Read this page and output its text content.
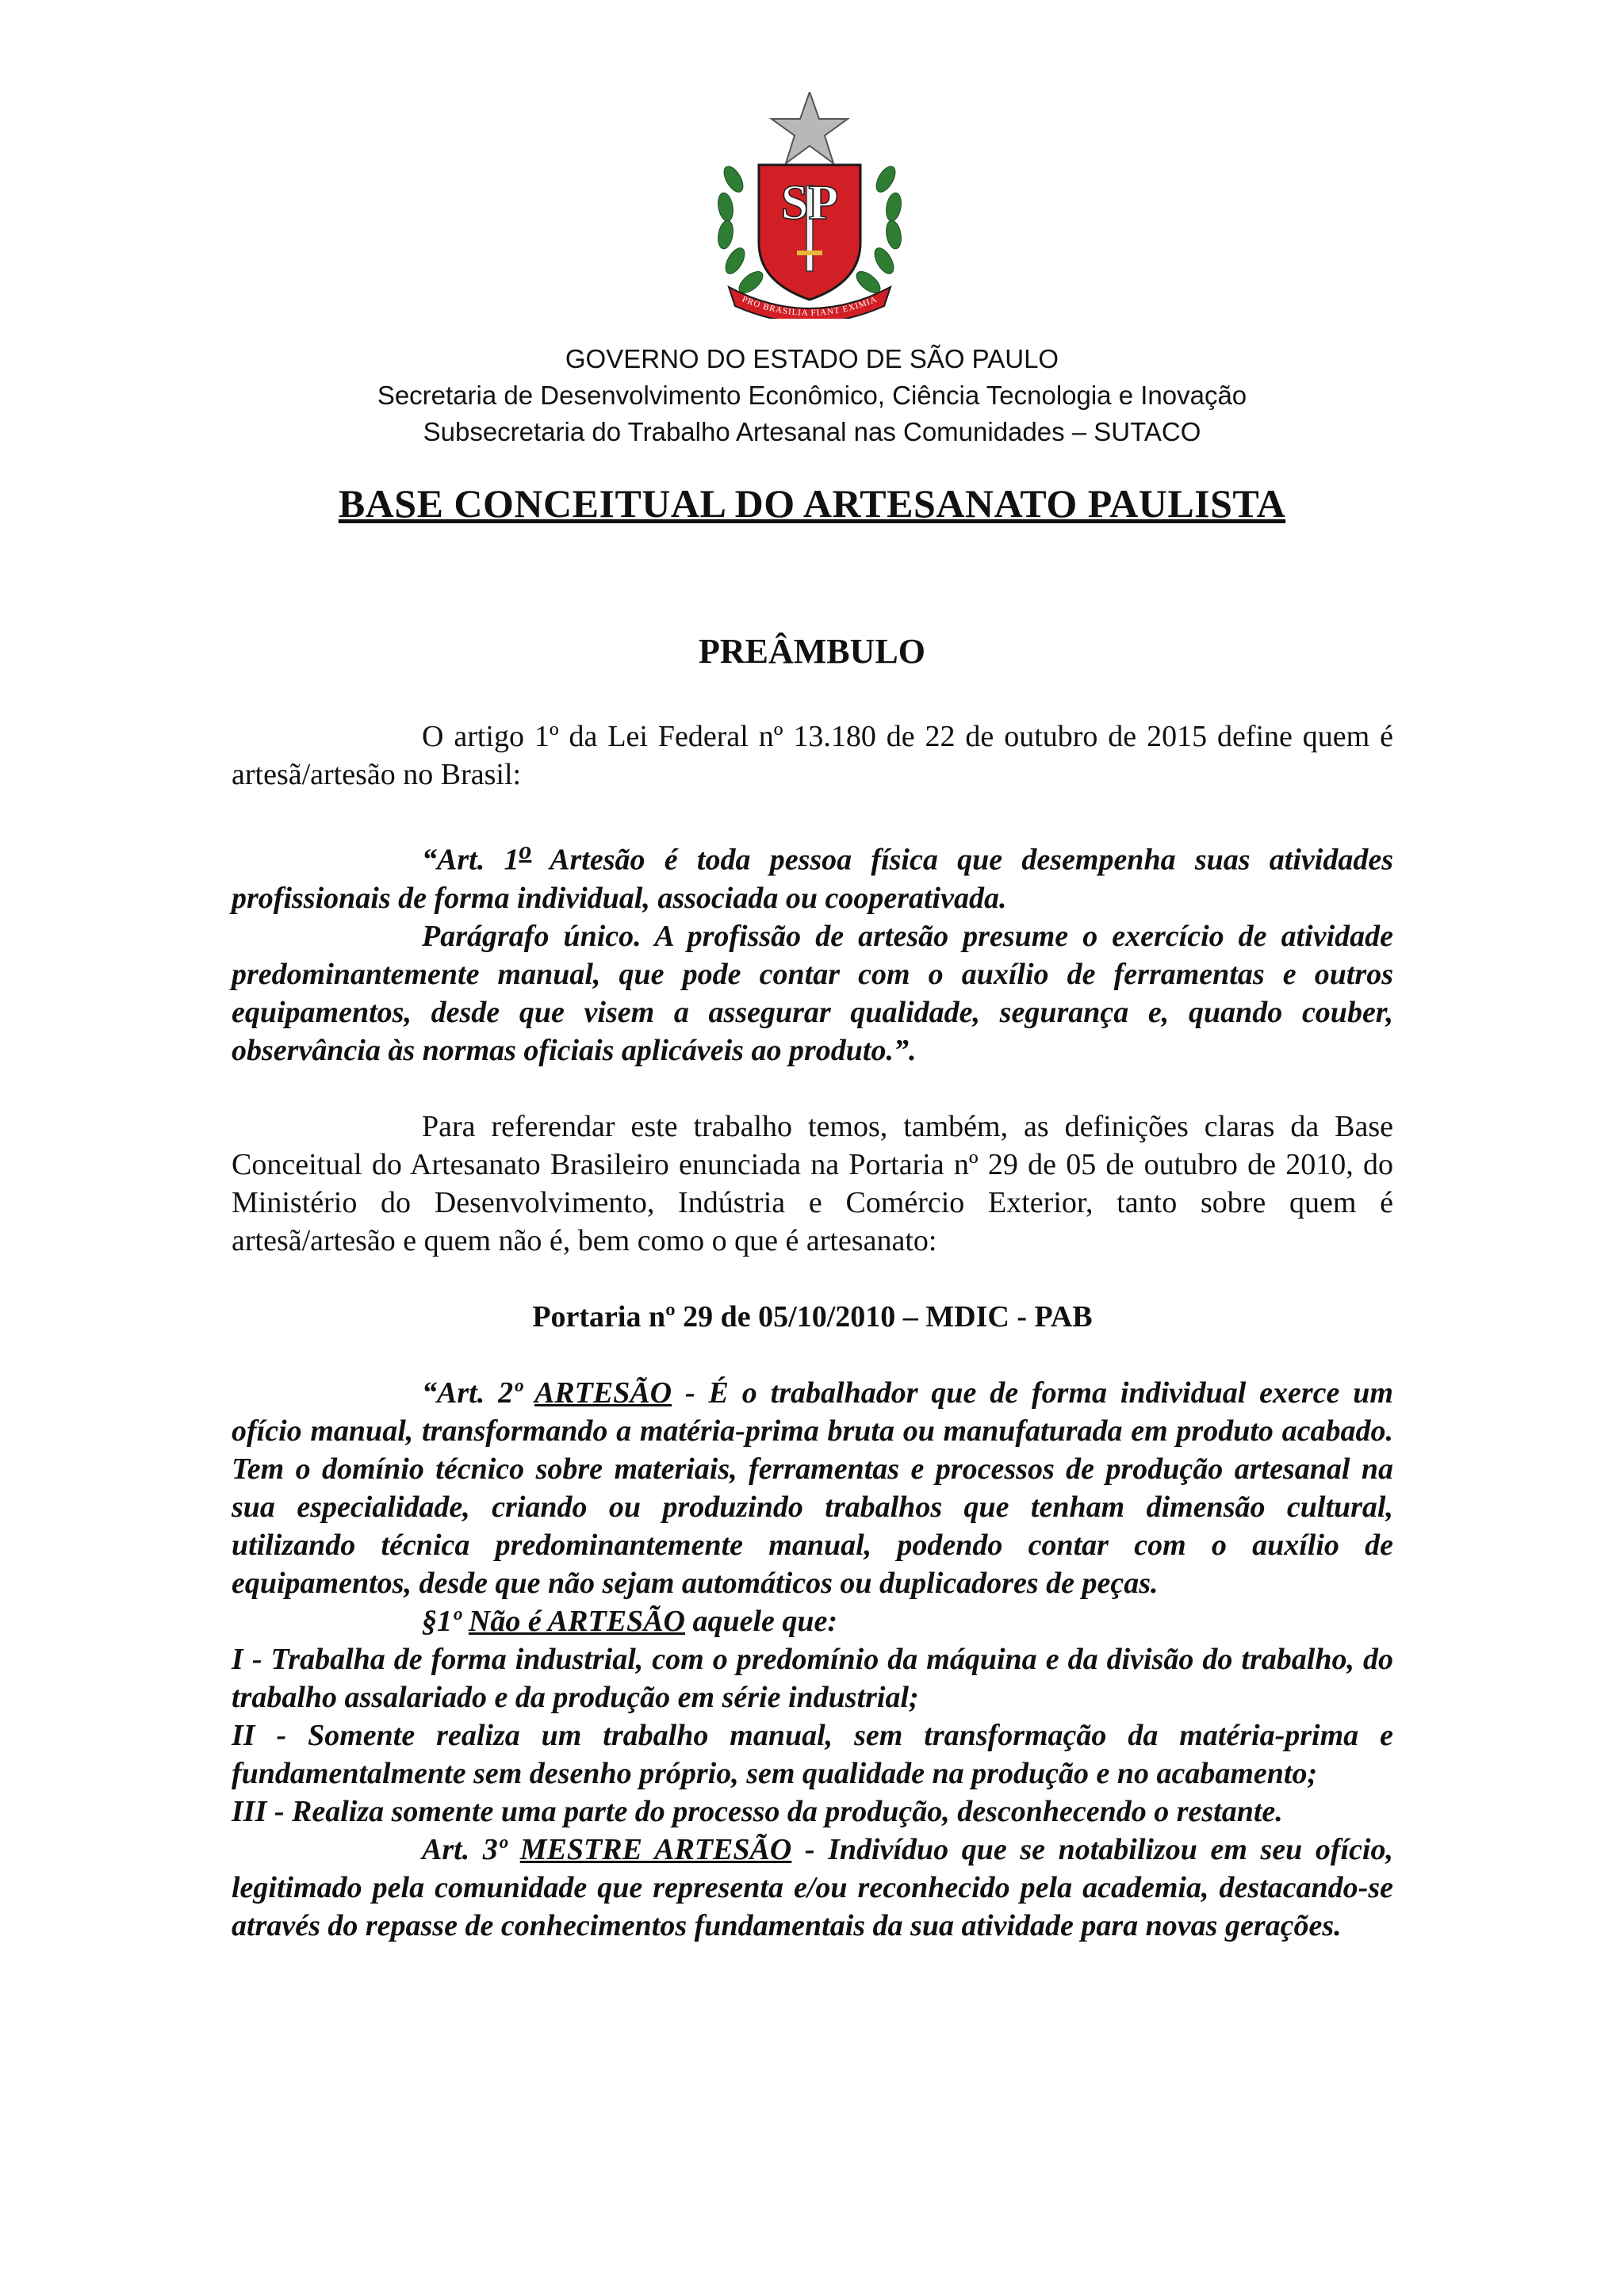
SP
PRO BRASILIA FIANT EXIMIA
GOVERNO DO ESTADO DE SÃO PAULO
Secretaria de Desenvolvimento Econômico, Ciência Tecnologia e Inovação
Subsecretaria do Trabalho Artesanal nas Comunidades – SUTACO
BASE CONCEITUAL DO ARTESANATO PAULISTA
PREÂMBULO

O artigo 1º da Lei Federal nº 13.180 de 22 de outubro de 2015 define quem é artesã/artesão no Brasil:

“Art. 1$^o$ Artesão é toda pessoa física que desempenha suas atividades profissionais de forma individual, associada ou cooperativada.

Parágrafo único. A profissão de artesão presume o exercício de atividade predominantemente manual, que pode contar com o auxílio de ferramentas e outros equipamentos, desde que visem a assegurar qualidade, segurança e, quando couber, observância às normas oficiais aplicáveis ao produto.”.

Para referendar este trabalho temos, também, as definições claras da Base Conceitual do Artesanato Brasileiro enunciada na Portaria nº 29 de 05 de outubro de 2010, do Ministério do Desenvolvimento, Indústria e Comércio Exterior, tanto sobre quem é artesã/artesão e quem não é, bem como o que é artesanato:

Portaria nº 29 de 05/10/2010 – MDIC - PAB

“Art. 2º ARTESÃO - É o trabalhador que de forma individual exerce um ofício manual, transformando a matéria-prima bruta ou manufaturada em produto acabado. Tem o domínio técnico sobre materiais, ferramentas e processos de produção artesanal na sua especialidade, criando ou produzindo trabalhos que tenham dimensão cultural, utilizando técnica predominantemente manual, podendo contar com o auxílio de equipamentos, desde que não sejam automáticos ou duplicadores de peças.

§1º Não é ARTESÃO aquele que:

I - Trabalha de forma industrial, com o predomínio da máquina e da divisão do trabalho, do trabalho assalariado e da produção em série industrial;

II - Somente realiza um trabalho manual, sem transformação da matéria-prima e fundamentalmente sem desenho próprio, sem qualidade na produção e no acabamento;

III - Realiza somente uma parte do processo da produção, desconhecendo o restante.

Art. 3º MESTRE ARTESÃO - Indivíduo que se notabilizou em seu ofício, legitimado pela comunidade que representa e/ou reconhecido pela academia, destacando-se através do repasse de conhecimentos fundamentais da sua atividade para novas gerações.
